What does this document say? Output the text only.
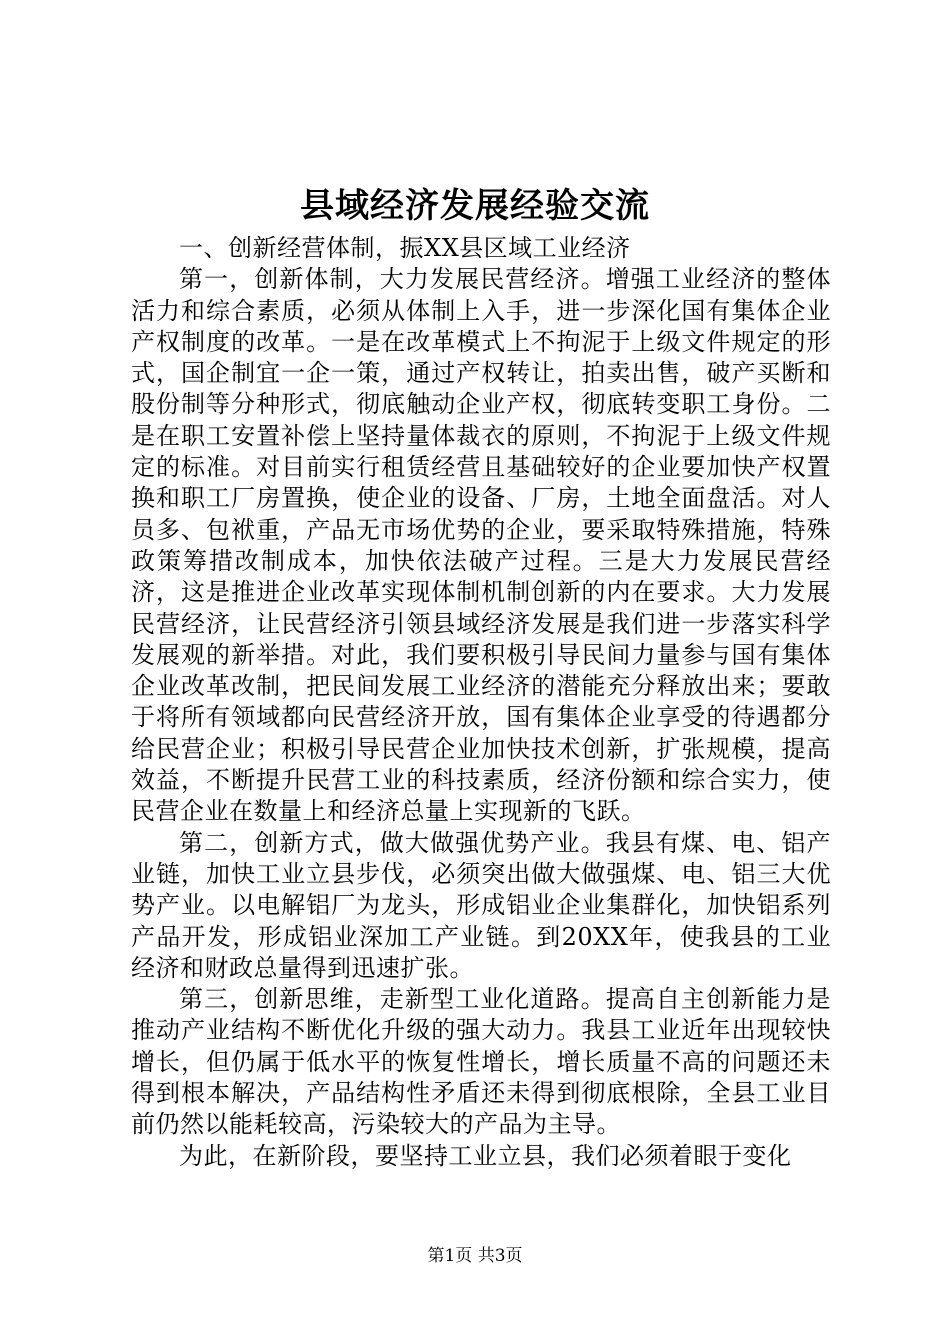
县域经济发展经验交流

一、创新经营体制，振XX县区域工业经济

第一，创新体制，大力发展民营经济。增强工业经济的整体活力和综合素质，必须从体制上入手，进一步深化国有集体企业产权制度的改革。一是在改革模式上不拘泥于上级文件规定的形式，国企制宜一企一策，通过产权转让，拍卖出售，破产买断和股份制等分种形式，彻底触动企业产权，彻底转变职工身份。二是在职工安置补偿上坚持量体裁衣的原则，不拘泥于上级文件规定的标准。对目前实行租赁经营且基础较好的企业要加快产权置换和职工厂房置换，使企业的设备、厂房，土地全面盘活。对人员多、包袱重，产品无市场优势的企业，要采取特殊措施，特殊政策筹措改制成本，加快依法破产过程。三是大力发展民营经济，这是推进企业改革实现体制机制创新的内在要求。大力发展民营经济，让民营经济引领县域经济发展是我们进一步落实科学发展观的新举措。对此，我们要积极引导民间力量参与国有集体企业改革改制，把民间发展工业经济的潜能充分释放出来；要敢于将所有领域都向民营经济开放，国有集体企业享受的待遇都分给民营企业；积极引导民营企业加快技术创新，扩张规模，提高效益，不断提升民营工业的科技素质，经济份额和综合实力，使民营企业在数量上和经济总量上实现新的飞跃。

第二，创新方式，做大做强优势产业。我县有煤、电、铝产业链，加快工业立县步伐，必须突出做大做强煤、电、铝三大优势产业。以电解铝厂为龙头，形成铝业企业集群化，加快铝系列产品开发，形成铝业深加工产业链。到20XX年，使我县的工业经济和财政总量得到迅速扩张。

第三，创新思维，走新型工业化道路。提高自主创新能力是推动产业结构不断优化升级的强大动力。我县工业近年出现较快增长，但仍属于低水平的恢复性增长，增长质量不高的问题还未得到根本解决，产品结构性矛盾还未得到彻底根除，全县工业目前仍然以能耗较高，污染较大的产品为主导。

为此，在新阶段，要坚持工业立县，我们必须着眼于变化

第1页 共3页
